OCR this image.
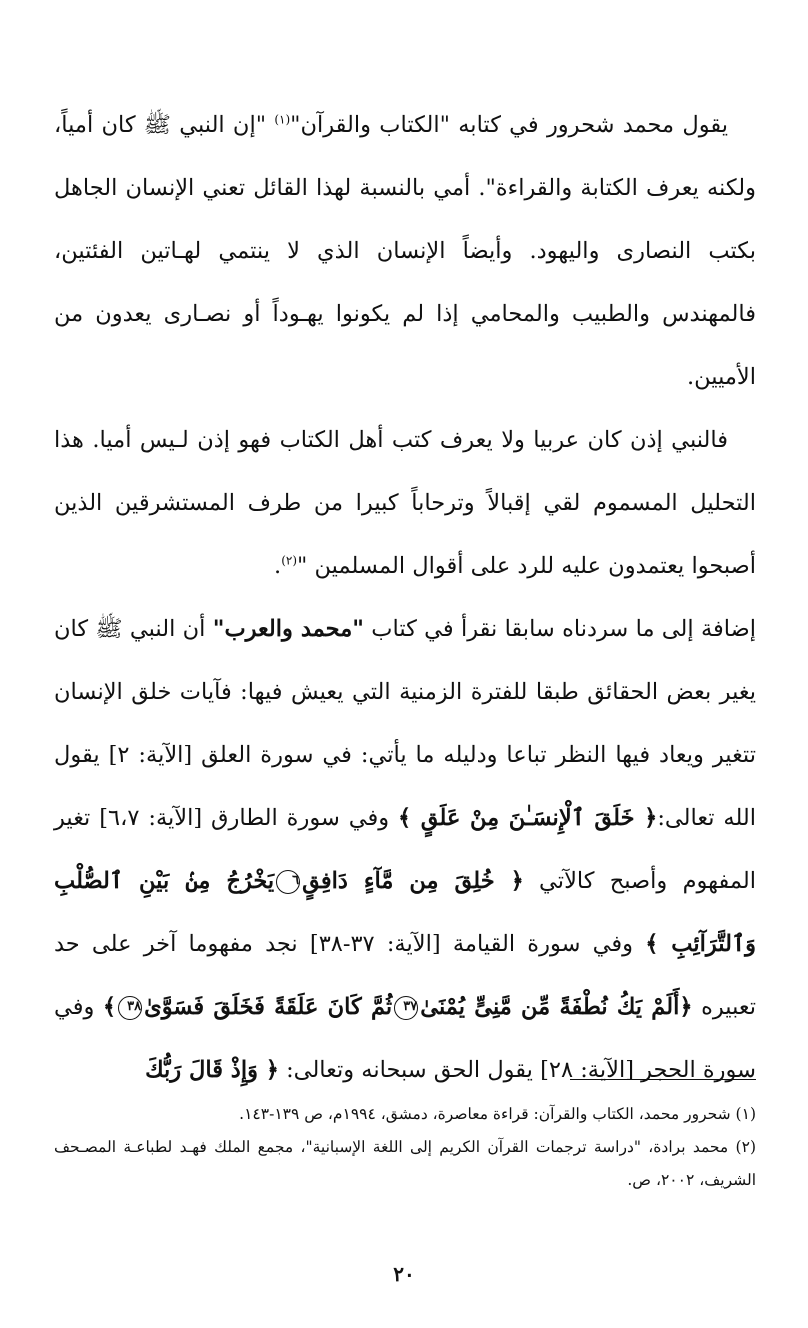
يقول محمد شحرور في كتابه "الكتاب والقرآن"$^{(١)}$ "إن النبي ﷺ كان أمياً، ولكنه يعرف الكتابة والقراءة". أمي بالنسبة لهذا القائل تعني الإنسان الجاهل بكتب النصارى واليهود. وأيضاً الإنسان الذي لا ينتمي لهـاتين الفئتين، فالمهندس والطبيب والمحامي إذا لم يكونوا يهـوداً أو نصـارى يعدون من الأميين.

فالنبي إذن كان عربيا ولا يعرف كتب أهل الكتاب فهو إذن لـيس أميا. هذا التحليل المسموم لقي إقبالاً وترحاباً كبيرا من طرف المستشرقين الذين أصبحوا يعتمدون عليه للرد على أقوال المسلمين "$^{(٢)}$.

إضافة إلى ما سردناه سابقا نقرأ في كتاب "محمد والعرب" أن النبي ﷺ كان يغير بعض الحقائق طبقا للفترة الزمنية التي يعيش فيها: فآيات خلق الإنسان تتغير ويعاد فيها النظر تباعا ودليله ما يأتي: في سورة العلق [الآية: ٢] يقول الله تعالى:﴿ خَلَقَ ٱلْإِنسَـٰنَ مِنْ عَلَقٍ ﴾ وفي سورة الطارق [الآية: ٦،٧] تغير المفهوم وأصبح كالآتي ﴿ خُلِقَ مِن مَّآءٍ دَافِقٍ٦يَخْرُجُ مِنۢ بَيْنِ ٱلصُّلْبِ وَٱلتَّرَآئِبِ ﴾ وفي سورة القيامة [الآية: ٣٧-٣٨] نجد مفهوما آخر على حد تعبيره ﴿أَلَمْ يَكُ نُطْفَةً مِّن مَّنِىٍّ يُمْنَىٰ٣٧ثُمَّ كَانَ عَلَقَةً فَخَلَقَ فَسَوَّىٰ٣٨﴾ وفي سورة الحجر [الآية: ٢٨] يقول الحق سبحانه وتعالى: ﴿ وَإِذْ قَالَ رَبُّكَ

(١) شحرور محمد، الكتاب والقرآن: قراءة معاصرة، دمشق، ١٩٩٤م، ص ١٣٩-١٤٣.

(٢) محمد برادة، "دراسة ترجمات القرآن الكريم إلى اللغة الإسبانية"، مجمع الملك فهـد لطباعـة المصـحف الشريف، ٢٠٠٢، ص.

٢٠
